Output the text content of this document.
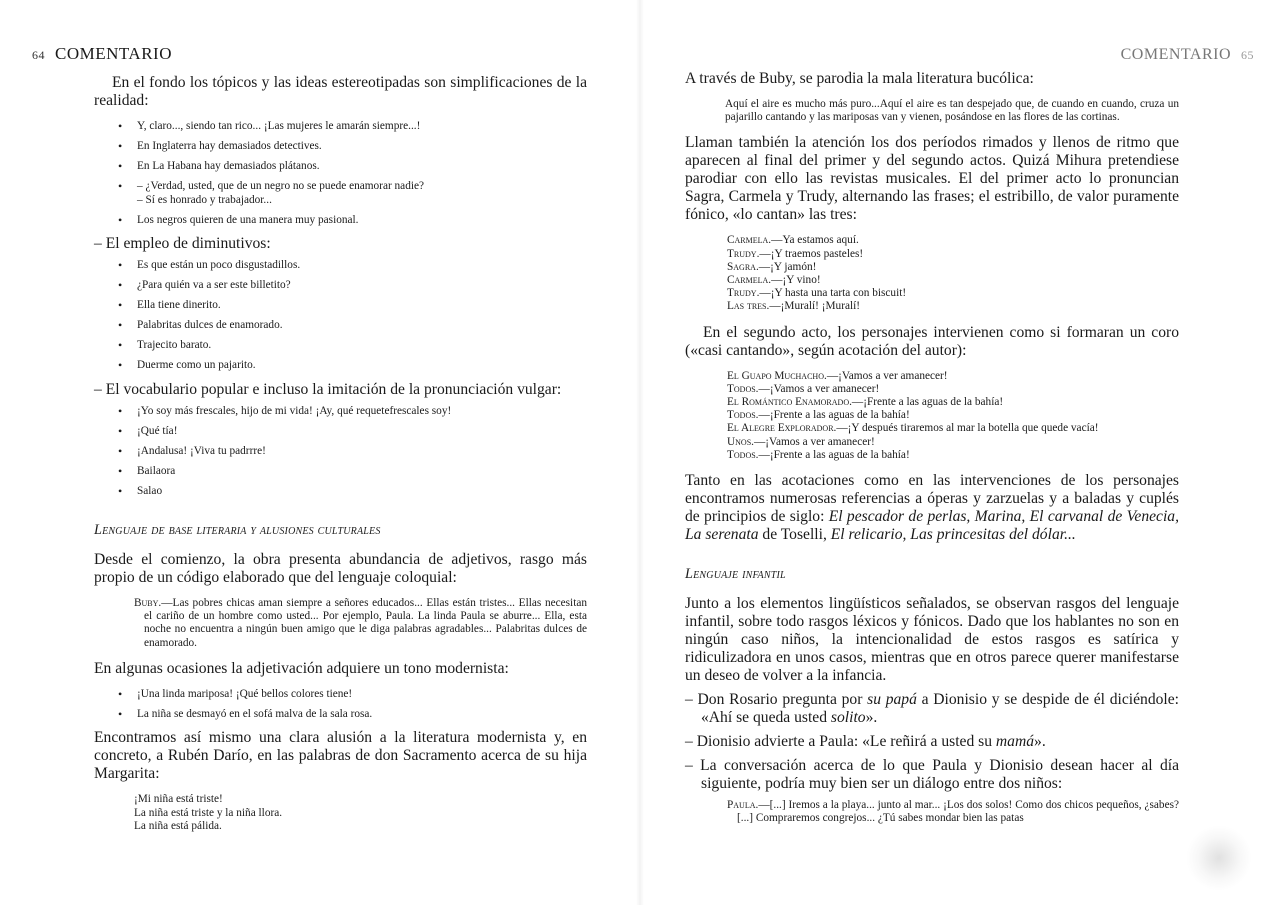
64 COMENTARIO

En el fondo los tópicos y las ideas estereotipadas son simplificaciones de la realidad:

• Y, claro..., siendo tan rico... ¡Las mujeres le amarán siempre...!
• En Inglaterra hay demasiados detectives.
• En La Habana hay demasiados plátanos.
• – ¿Verdad, usted, que de un negro no se puede enamorar nadie?
– Sí es honrado y trabajador...
• Los negros quieren de una manera muy pasional.

– El empleo de diminutivos:

• Es que están un poco disgustadillos.
• ¿Para quién va a ser este billetito?
• Ella tiene dinerito.
• Palabritas dulces de enamorado.
• Trajecito barato.
• Duerme como un pajarito.

– El vocabulario popular e incluso la imitación de la pronunciación vulgar:

• ¡Yo soy más frescales, hijo de mi vida! ¡Ay, qué requetefrescales soy!
• ¡Qué tía!
• ¡Andalusa! ¡Viva tu padrrre!
• Bailaora
• Salao
Lenguaje de base literaria y alusiones culturales

Desde el comienzo, la obra presenta abundancia de adjetivos, rasgo más propio de un código elaborado que del lenguaje coloquial:

Buby.—Las pobres chicas aman siempre a señores educados... Ellas están tristes... Ellas necesitan el cariño de un hombre como usted... Por ejemplo, Paula. La linda Paula se aburre... Ella, esta noche no encuentra a ningún buen amigo que le diga palabras agradables... Palabritas dulces de enamorado.

En algunas ocasiones la adjetivación adquiere un tono modernista:

• ¡Una linda mariposa! ¡Qué bellos colores tiene!
• La niña se desmayó en el sofá malva de la sala rosa.

Encontramos así mismo una clara alusión a la literatura modernista y, en concreto, a Rubén Darío, en las palabras de don Sacramento acerca de su hija Margarita:

¡Mi niña está triste!
La niña está triste y la niña llora.
La niña está pálida.
COMENTARIO 65

A través de Buby, se parodia la mala literatura bucólica:

Aquí el aire es mucho más puro...Aquí el aire es tan despejado que, de cuando en cuando, cruza un pajarillo cantando y las mariposas van y vienen, posándose en las flores de las cortinas.

Llaman también la atención los dos períodos rimados y llenos de ritmo que aparecen al final del primer y del segundo actos. Quizá Mihura pretendiese parodiar con ello las revistas musicales. El del primer acto lo pronuncian Sagra, Carmela y Trudy, alternando las frases; el estribillo, de valor puramente fónico, «lo cantan» las tres:

Carmela.—Ya estamos aquí.
Trudy.—¡Y traemos pasteles!
Sagra.—¡Y jamón!
Carmela.—¡Y vino!
Trudy.—¡Y hasta una tarta con biscuit!
Las tres.—¡Muralí! ¡Muralí!

En el segundo acto, los personajes intervienen como si formaran un coro («casi cantando», según acotación del autor):

El Guapo Muchacho.—¡Vamos a ver amanecer!
Todos.—¡Vamos a ver amanecer!
El Romántico Enamorado.—¡Frente a las aguas de la bahía!
Todos.—¡Frente a las aguas de la bahía!
El Alegre Explorador.—¡Y después tiraremos al mar la botella que quede vacía!
Unos.—¡Vamos a ver amanecer!
Todos.—¡Frente a las aguas de la bahía!

Tanto en las acotaciones como en las intervenciones de los personajes encontramos numerosas referencias a óperas y zarzuelas y a baladas y cuplés de principios de siglo: El pescador de perlas, Marina, El carvanal de Venecia, La serenata de Toselli, El relicario, Las princesitas del dólar...

Lenguaje infantil

Junto a los elementos lingüísticos señalados, se observan rasgos del lenguaje infantil, sobre todo rasgos léxicos y fónicos. Dado que los hablantes no son en ningún caso niños, la intencionalidad de estos rasgos es satírica y ridiculizadora en unos casos, mientras que en otros parece querer manifestarse un deseo de volver a la infancia.

– Don Rosario pregunta por su papá a Dionisio y se despide de él diciéndole: «Ahí se queda usted solito».

– Dionisio advierte a Paula: «Le reñirá a usted su mamá».

– La conversación acerca de lo que Paula y Dionisio desean hacer al día siguiente, podría muy bien ser un diálogo entre dos niños:

Paula.—[...] Iremos a la playa... junto al mar... ¡Los dos solos! Como dos chicos pequeños, ¿sabes? [...] Compraremos congrejos... ¿Tú sabes mondar bien las patas
